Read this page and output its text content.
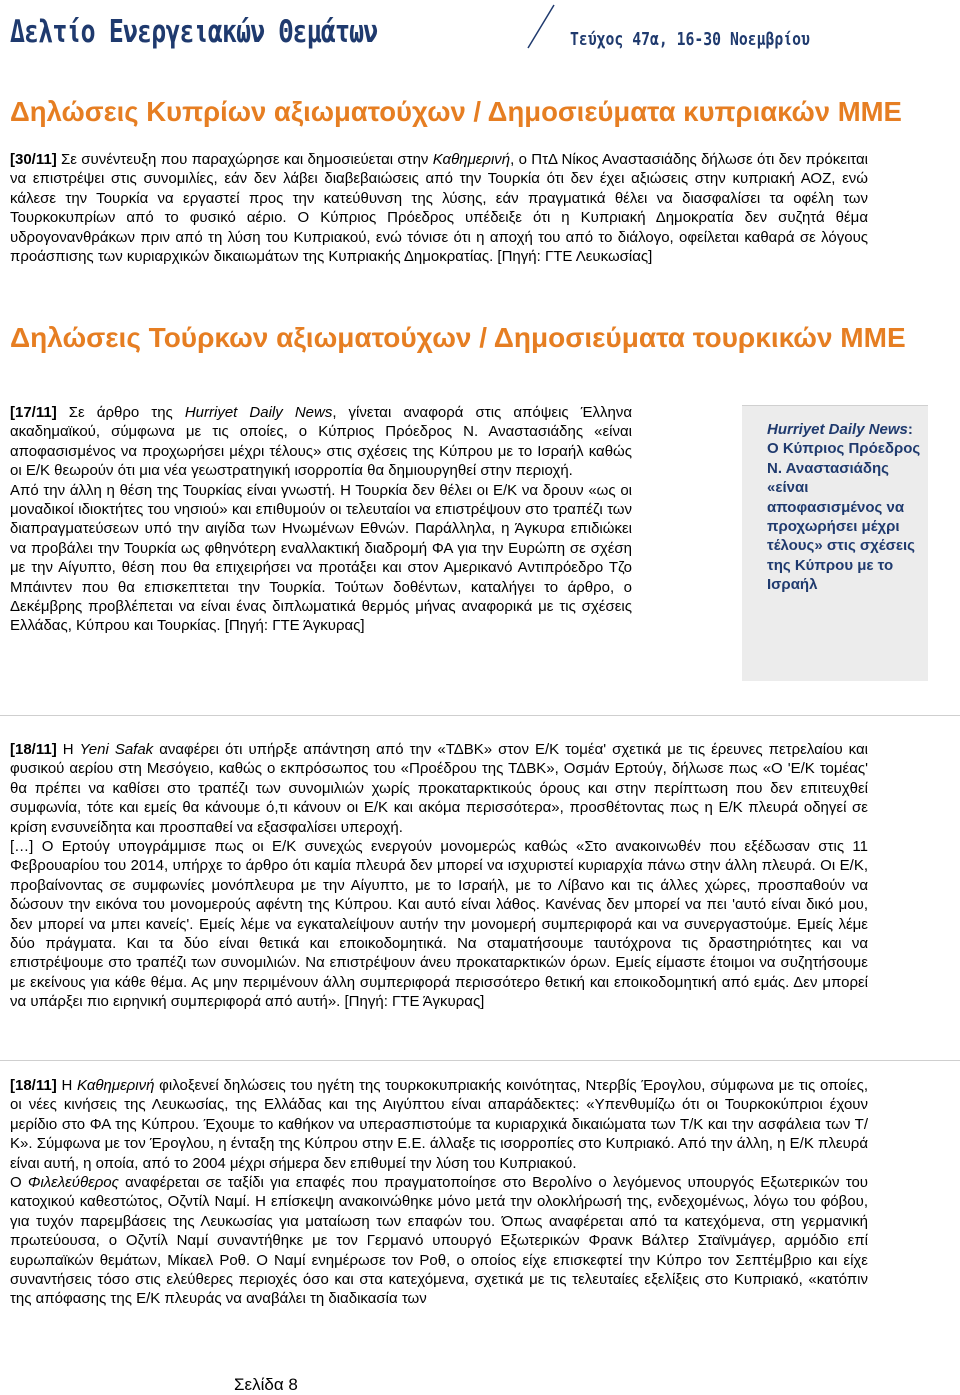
Δελτίο Ενεργειακών Θεμάτων	Τεύχος 47α, 16-30 Νοεμβρίου
Δηλώσεις Κυπρίων αξιωματούχων / Δημοσιεύματα κυπριακών ΜΜΕ

[30/11] Σε συνέντευξη που παραχώρησε και δημοσιεύεται στην Καθημερινή, ο ΠτΔ Νίκος Αναστασιάδης δήλωσε ότι δεν πρόκειται να επιστρέψει στις συνομιλίες, εάν δεν λάβει διαβεβαιώσεις από την Τουρκία ότι δεν έχει αξιώσεις στην κυπριακή ΑΟΖ, ενώ κάλεσε την Τουρκία να εργαστεί προς την κατεύθυνση της λύσης, εάν πραγματικά θέλει να διασφαλίσει τα οφέλη των Τουρκοκυπρίων από το φυσικό αέριο. Ο Κύπριος Πρόεδρος υπέδειξε ότι η Κυπριακή Δημοκρατία δεν συζητά θέμα υδρογονανθράκων πριν από τη λύση του Κυπριακού, ενώ τόνισε ότι η αποχή του από το διάλογο, οφείλεται καθαρά σε λόγους προάσπισης των κυριαρχικών δικαιωμάτων της Κυπριακής Δημοκρατίας. [Πηγή: ΓΤΕ Λευκωσίας]

Δηλώσεις Τούρκων αξιωματούχων / Δημοσιεύματα τουρκικών ΜΜΕ

[17/11] Σε άρθρο της Hurriyet Daily News, γίνεται αναφορά στις απόψεις Έλληνα ακαδημαϊκού, σύμφωνα με τις οποίες, ο Κύπριος Πρόεδρος Ν. Αναστασιάδης «είναι αποφασισμένος να προχωρήσει μέχρι τέλους» στις σχέσεις της Κύπρου με το Ισραήλ καθώς οι Ε/Κ θεωρούν ότι μια νέα γεωστρατηγική ισορροπία θα δημιουργηθεί στην περιοχή.

Από την άλλη η θέση της Τουρκίας είναι γνωστή. Η Τουρκία δεν θέλει οι Ε/Κ να δρουν «ως οι μοναδικοί ιδιοκτήτες του νησιού» και επιθυμούν οι τελευταίοι να επιστρέψουν στο τραπέζι των διαπραγματεύσεων υπό την αιγίδα των Ηνωμένων Εθνών. Παράλληλα, η Άγκυρα επιδιώκει να προβάλει την Τουρκία ως φθηνότερη εναλλακτική διαδρομή ΦΑ για την Ευρώπη σε σχέση με την Αίγυπτο, θέση που θα επιχειρήσει να προτάξει και στον Αμερικανό Αντιπρόεδρο Τζο Μπάιντεν που θα επισκεπτεται την Τουρκία. Τούτων δοθέντων, καταλήγει το άρθρο, ο Δεκέμβρης προβλέπεται να είναι ένας διπλωματικά θερμός μήνας αναφορικά με τις σχέσεις Ελλάδας, Κύπρου και Τουρκίας. [Πηγή: ΓΤΕ Άγκυρας]

Hurriyet Daily News: Ο Κύπριος Πρόεδρος Ν. Αναστασιάδης «είναι αποφασισμένος να προχωρήσει μέχρι τέλους» στις σχέσεις της Κύπρου με το Ισραήλ

[18/11] Η Yeni Safak αναφέρει ότι υπήρξε απάντηση από την «ΤΔΒΚ» στον Ε/Κ τομέα' σχετικά με τις έρευνες πετρελαίου και φυσικού αερίου στη Μεσόγειο, καθώς ο εκπρόσωπος του «Προέδρου της ΤΔΒΚ», Οσμάν Ερτούγ, δήλωσε πως «Ο 'Ε/Κ τομέας' θα πρέπει να καθίσει στο τραπέζι των συνομιλιών χωρίς προκαταρκτικούς όρους και στην περίπτωση που δεν επιτευχθεί συμφωνία, τότε και εμείς θα κάνουμε ό,τι κάνουν οι Ε/Κ και ακόμα περισσότερα», προσθέτοντας πως η Ε/Κ πλευρά οδηγεί σε κρίση ενσυνείδητα και προσπαθεί να εξασφαλίσει υπεροχή.

[…] Ο Ερτούγ υπογράμμισε πως οι Ε/Κ συνεχώς ενεργούν μονομερώς καθώς «Στο ανακοινωθέν που εξέδωσαν στις 11 Φεβρουαρίου του 2014, υπήρχε το άρθρο ότι καμία πλευρά δεν μπορεί να ισχυριστεί κυριαρχία πάνω στην άλλη πλευρά. Οι Ε/Κ, προβαίνοντας σε συμφωνίες μονόπλευρα με την Αίγυπτο, με το Ισραήλ, με το Λίβανο και τις άλλες χώρες, προσπαθούν να δώσουν την εικόνα του μονομερούς αφέντη της Κύπρου. Και αυτό είναι λάθος. Κανένας δεν μπορεί να πει 'αυτό είναι δικό μου, δεν μπορεί να μπει κανείς'. Εμείς λέμε να εγκαταλείψουν αυτήν την μονομερή συμπεριφορά και να συνεργαστούμε. Εμείς λέμε δύο πράγματα. Και τα δύο είναι θετικά και εποικοδομητικά. Να σταματήσουμε ταυτόχρονα τις δραστηριότητες και να επιστρέψουμε στο τραπέζι των συνομιλιών. Να επιστρέψουν άνευ προκαταρκτικών όρων. Εμείς είμαστε έτοιμοι να συζητήσουμε με εκείνους για κάθε θέμα. Ας μην περιμένουν άλλη συμπεριφορά περισσότερο θετική και εποικοδομητική από εμάς. Δεν μπορεί να υπάρξει πιο ειρηνική συμπεριφορά από αυτή». [Πηγή: ΓΤΕ Άγκυρας]

[18/11] Η Καθημερινή φιλοξενεί δηλώσεις του ηγέτη της τουρκοκυπριακής κοινότητας, Ντερβίς Έρογλου, σύμφωνα με τις οποίες, οι νέες κινήσεις της Λευκωσίας, της Ελλάδας και της Αιγύπτου είναι απαράδεκτες: «Υπενθυμίζω ότι οι Τουρκοκύπριοι έχουν μερίδιο στο ΦΑ της Κύπρου. Έχουμε το καθήκον να υπερασπιστούμε τα κυριαρχικά δικαιώματα των Τ/Κ και την ασφάλεια των Τ/Κ». Σύμφωνα με τον Έρογλου, η ένταξη της Κύπρου στην Ε.Ε. άλλαξε τις ισορροπίες στο Κυπριακό. Από την άλλη, η Ε/Κ πλευρά είναι αυτή, η οποία, από το 2004 μέχρι σήμερα δεν επιθυμεί την λύση του Κυπριακού.

Ο Φιλελεύθερος αναφέρεται σε ταξίδι για επαφές που πραγματοποίησε στο Βερολίνο ο λεγόμενος υπουργός Εξωτερικών του κατοχικού καθεστώτος, Οζντίλ Ναμί. Η επίσκεψη ανακοινώθηκε μόνο μετά την ολοκλήρωσή της, ενδεχομένως, λόγω του φόβου, για τυχόν παρεμβάσεις της Λευκωσίας για ματαίωση των επαφών του. Όπως αναφέρεται από τα κατεχόμενα, στη γερμανική πρωτεύουσα, ο Οζντίλ Ναμί συναντήθηκε με τον Γερμανό υπουργό Εξωτερικών Φρανκ Βάλτερ Σταϊνμάγερ, αρμόδιο επί ευρωπαϊκών θεμάτων, Μίκαελ Ροθ. Ο Ναμί ενημέρωσε τον Ροθ, ο οποίος είχε επισκεφτεί την Κύπρο τον Σεπτέμβριο και είχε συναντήσεις τόσο στις ελεύθερες περιοχές όσο και στα κατεχόμενα, σχετικά με τις τελευταίες εξελίξεις στο Κυπριακό, «κατόπιν της απόφασης της Ε/Κ πλευράς να αναβάλει τη διαδικασία των

Σελίδα 8
